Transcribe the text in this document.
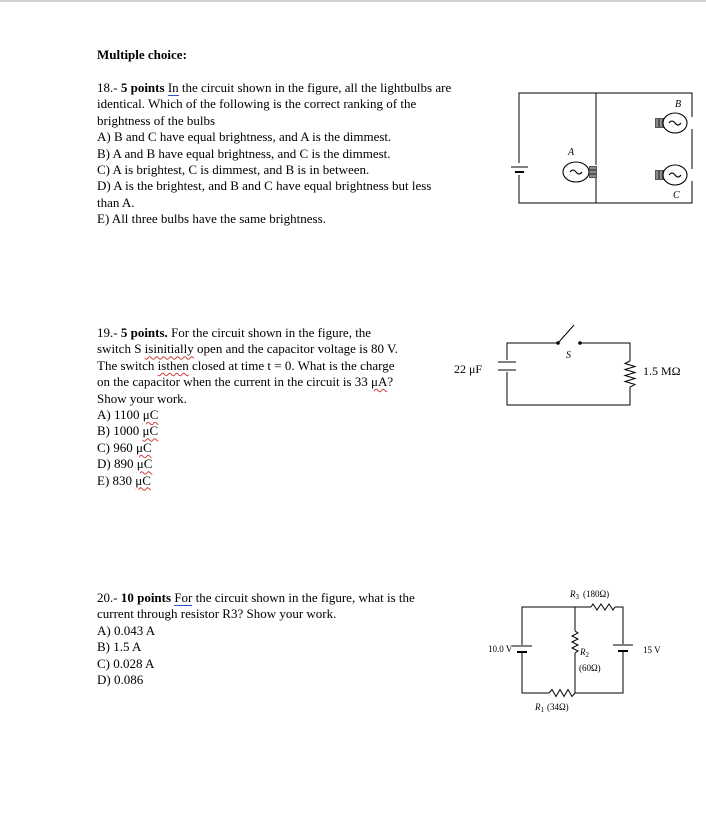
Multiple choice:
18.- 5 points In the circuit shown in the figure, all the lightbulbs are
identical. Which of the following is the correct ranking of the
brightness of the bulbs
A) B and C have equal brightness, and A is the dimmest.
B) A and B have equal brightness, and C is the dimmest.
C) A is brightest, C is dimmest, and B is in between.
D) A is the brightest, and B and C have equal brightness but less
than A.
E) All three bulbs have the same brightness.
A
B
C
19.- 5 points. For the circuit shown in the figure, the
switch S isinitially open and the capacitor voltage is 80 V.
The switch isthen closed at time t = 0. What is the charge
on the capacitor when the current in the circuit is 33 μA?
Show your work.
A) 1100 μC
B) 1000 μC
C) 960 μC
D) 890 μC
E) 830 μC
22 μF	1.5 MΩ
S
20.- 10 points For the circuit shown in the figure, what is the
current through resistor R3? Show your work.
A) 0.043 A
B) 1.5 A
C) 0.028 A
D) 0.086
$R_3$ (180Ω)
$R_2$
(60Ω)
$R_1$ (34Ω)
10.0 V	15 V
